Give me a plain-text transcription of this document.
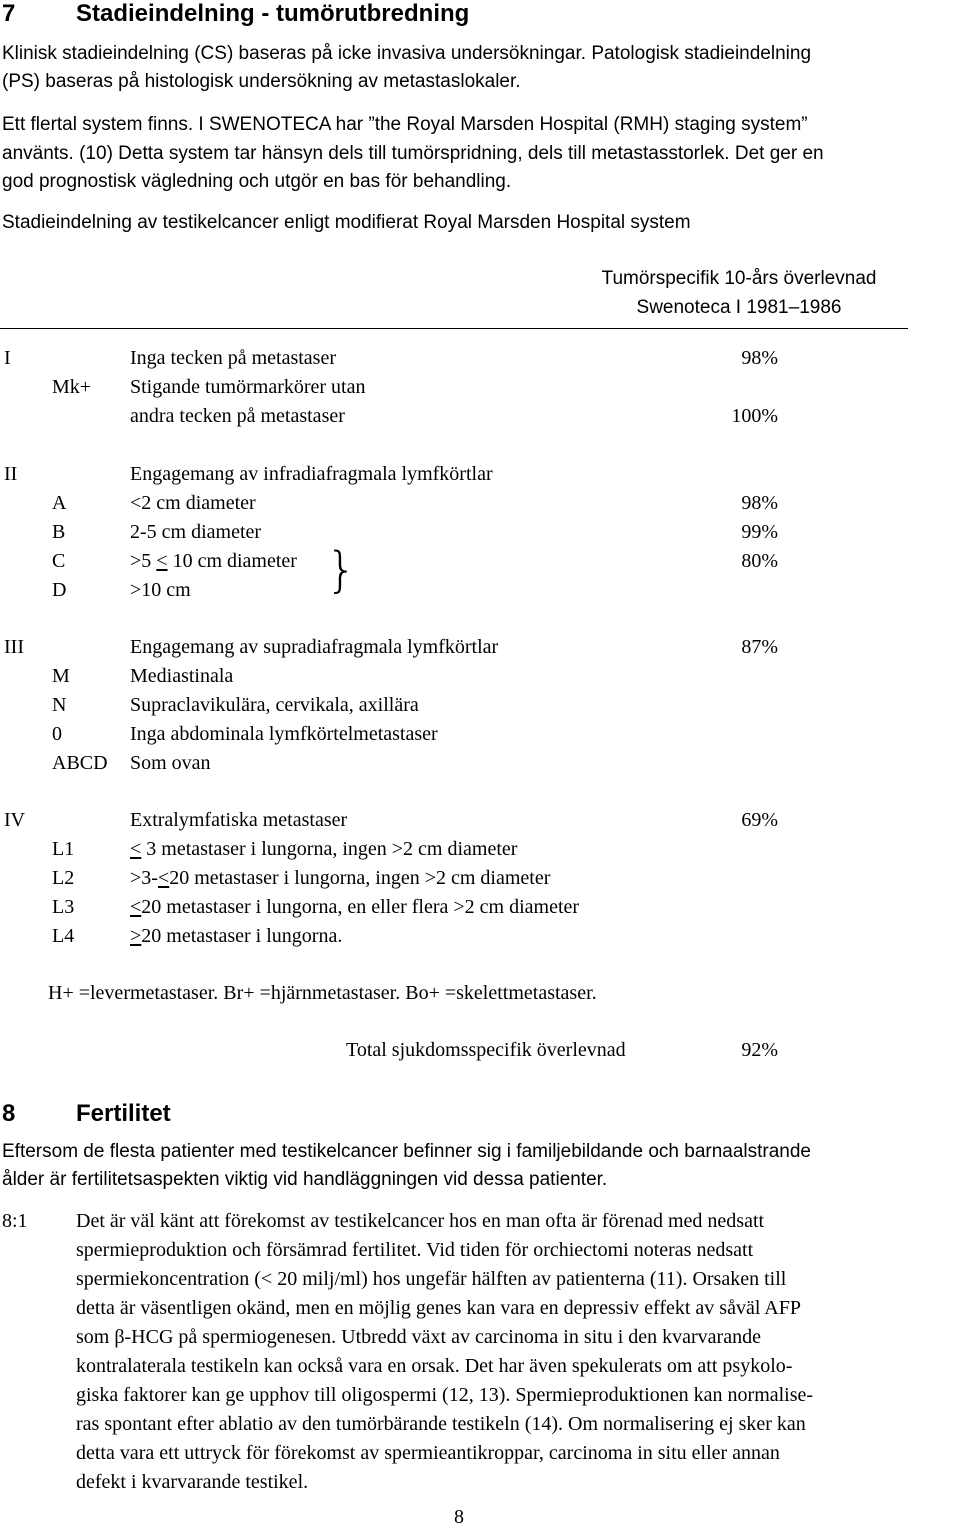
7	Stadieindelning - tumörutbredning
Klinisk stadieindelning (CS) baseras på icke invasiva undersökningar. Patologisk stadieindelning
(PS) baseras på histologisk undersökning av metastaslokaler.
Ett flertal system finns. I SWENOTECA har ”the Royal Marsden Hospital (RMH) staging system”
använts. (10) Detta system tar hänsyn dels till tumörspridning, dels till metastasstorlek. Det ger en
god prognostisk vägledning och utgör en bas för behandling.
Stadieindelning av testikelcancer enligt modifierat Royal Marsden Hospital system
Tumörspecifik 10-års överlevnad
Swenoteca I 1981–1986
I	Inga tecken på metastaser	98%
Mk+ Stigande tumörmarkörer utan
andra tecken på metastaser	100%
II	Engagemang av infradiafragmala lymfkörtlar
A	<2 cm diameter	98%
B	2-5 cm diameter	99%
C	>5 < 10 cm diameter	80%
D	>10 cm
III	Engagemang av supradiafragmala lymfkörtlar	87%
M	Mediastinala
N	Supraclavikulära, cervikala, axillära
0	Inga abdominala lymfkörtelmetastaser
ABCD Som ovan
IV	Extralymfatiska metastaser	69%
L1	< 3 metastaser i lungorna, ingen >2 cm diameter
L2	>3-<20 metastaser i lungorna, ingen >2 cm diameter
L3	<20 metastaser i lungorna, en eller flera >2 cm diameter
L4	>20 metastaser i lungorna.
}
H+ =levermetastaser. Br+ =hjärnmetastaser. Bo+ =skelettmetastaser.
Total sjukdomsspecifik överlevnad	92%
8	Fertilitet
Eftersom de flesta patienter med testikelcancer befinner sig i familjebildande och barnaalstrande
ålder är fertilitetsaspekten viktig vid handläggningen vid dessa patienter.
8:1 Det är väl känt att förekomst av testikelcancer hos en man ofta är förenad med nedsatt
spermieproduktion och försämrad fertilitet. Vid tiden för orchiectomi noteras nedsatt
spermiekoncentration (< 20 milj/ml) hos ungefär hälften av patienterna (11). Orsaken till
detta är väsentligen okänd, men en möjlig genes kan vara en depressiv effekt av såväl AFP
som β-HCG på spermiogenesen. Utbredd växt av carcinoma in situ i den kvarvarande
kontralaterala testikeln kan också vara en orsak. Det har även spekulerats om att psykolo-
giska faktorer kan ge upphov till oligospermi (12, 13). Spermieproduktionen kan normalise-
ras spontant efter ablatio av den tumörbärande testikeln (14). Om normalisering ej sker kan
detta vara ett uttryck för förekomst av spermieantikroppar, carcinoma in situ eller annan
defekt i kvarvarande testikel.
8
